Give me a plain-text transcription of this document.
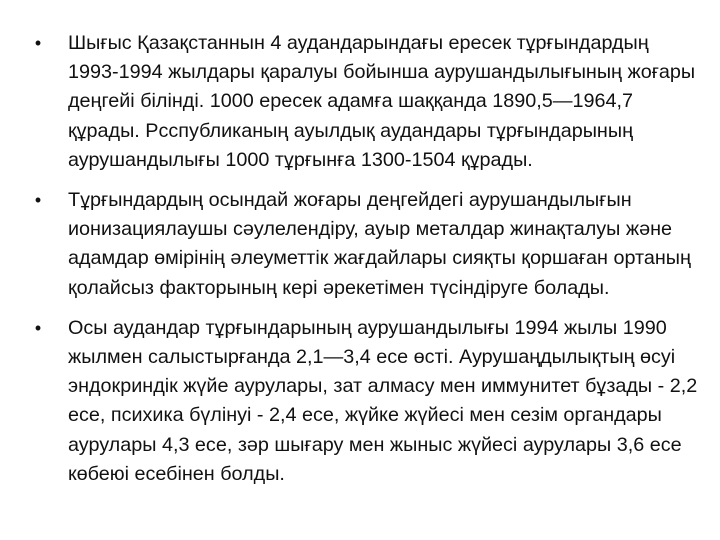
•	Шығыс Қазақстаннын 4 аудандарындағы ересек тұрғындардың 1993-1994 жылдары қаралуы бойынша аурушандылығының жоғары деңгейі білінді. 1000 ересек адамға шаққанда 1890,5—1964,7 құрады. Рсспубликаның ауылдық аудандары тұрғындарының аурушандылығы 1000 тұрғынға 1300-1504 құрады.
•	Тұрғындардың осындай жоғары деңгейдегі аурушандылығын ионизациялаушы сәулелендіру, ауыр металдар жинақталуы және адамдар өмірінің әлеуметтік жағдайлары сияқты қоршаған ортаның қолайсыз факторының кері әрекетімен түсіндіруге болады.
•	Осы аудандар тұрғындарының аурушандылығы 1994 жылы 1990 жылмен салыстырғанда 2,1—3,4 есе өсті. Аурушаңдылықтың өсуі эндокриндік жүйе аурулары, зат алмасу мен иммунитет бұзады - 2,2 есе, психика бүлінуі - 2,4 есе, жүйке жүйесі мен сезім органдары аурулары 4,3 есе, зәр шығару мен жыныс жүйесі аурулары 3,6 есе көбеюі есебінен болды.
